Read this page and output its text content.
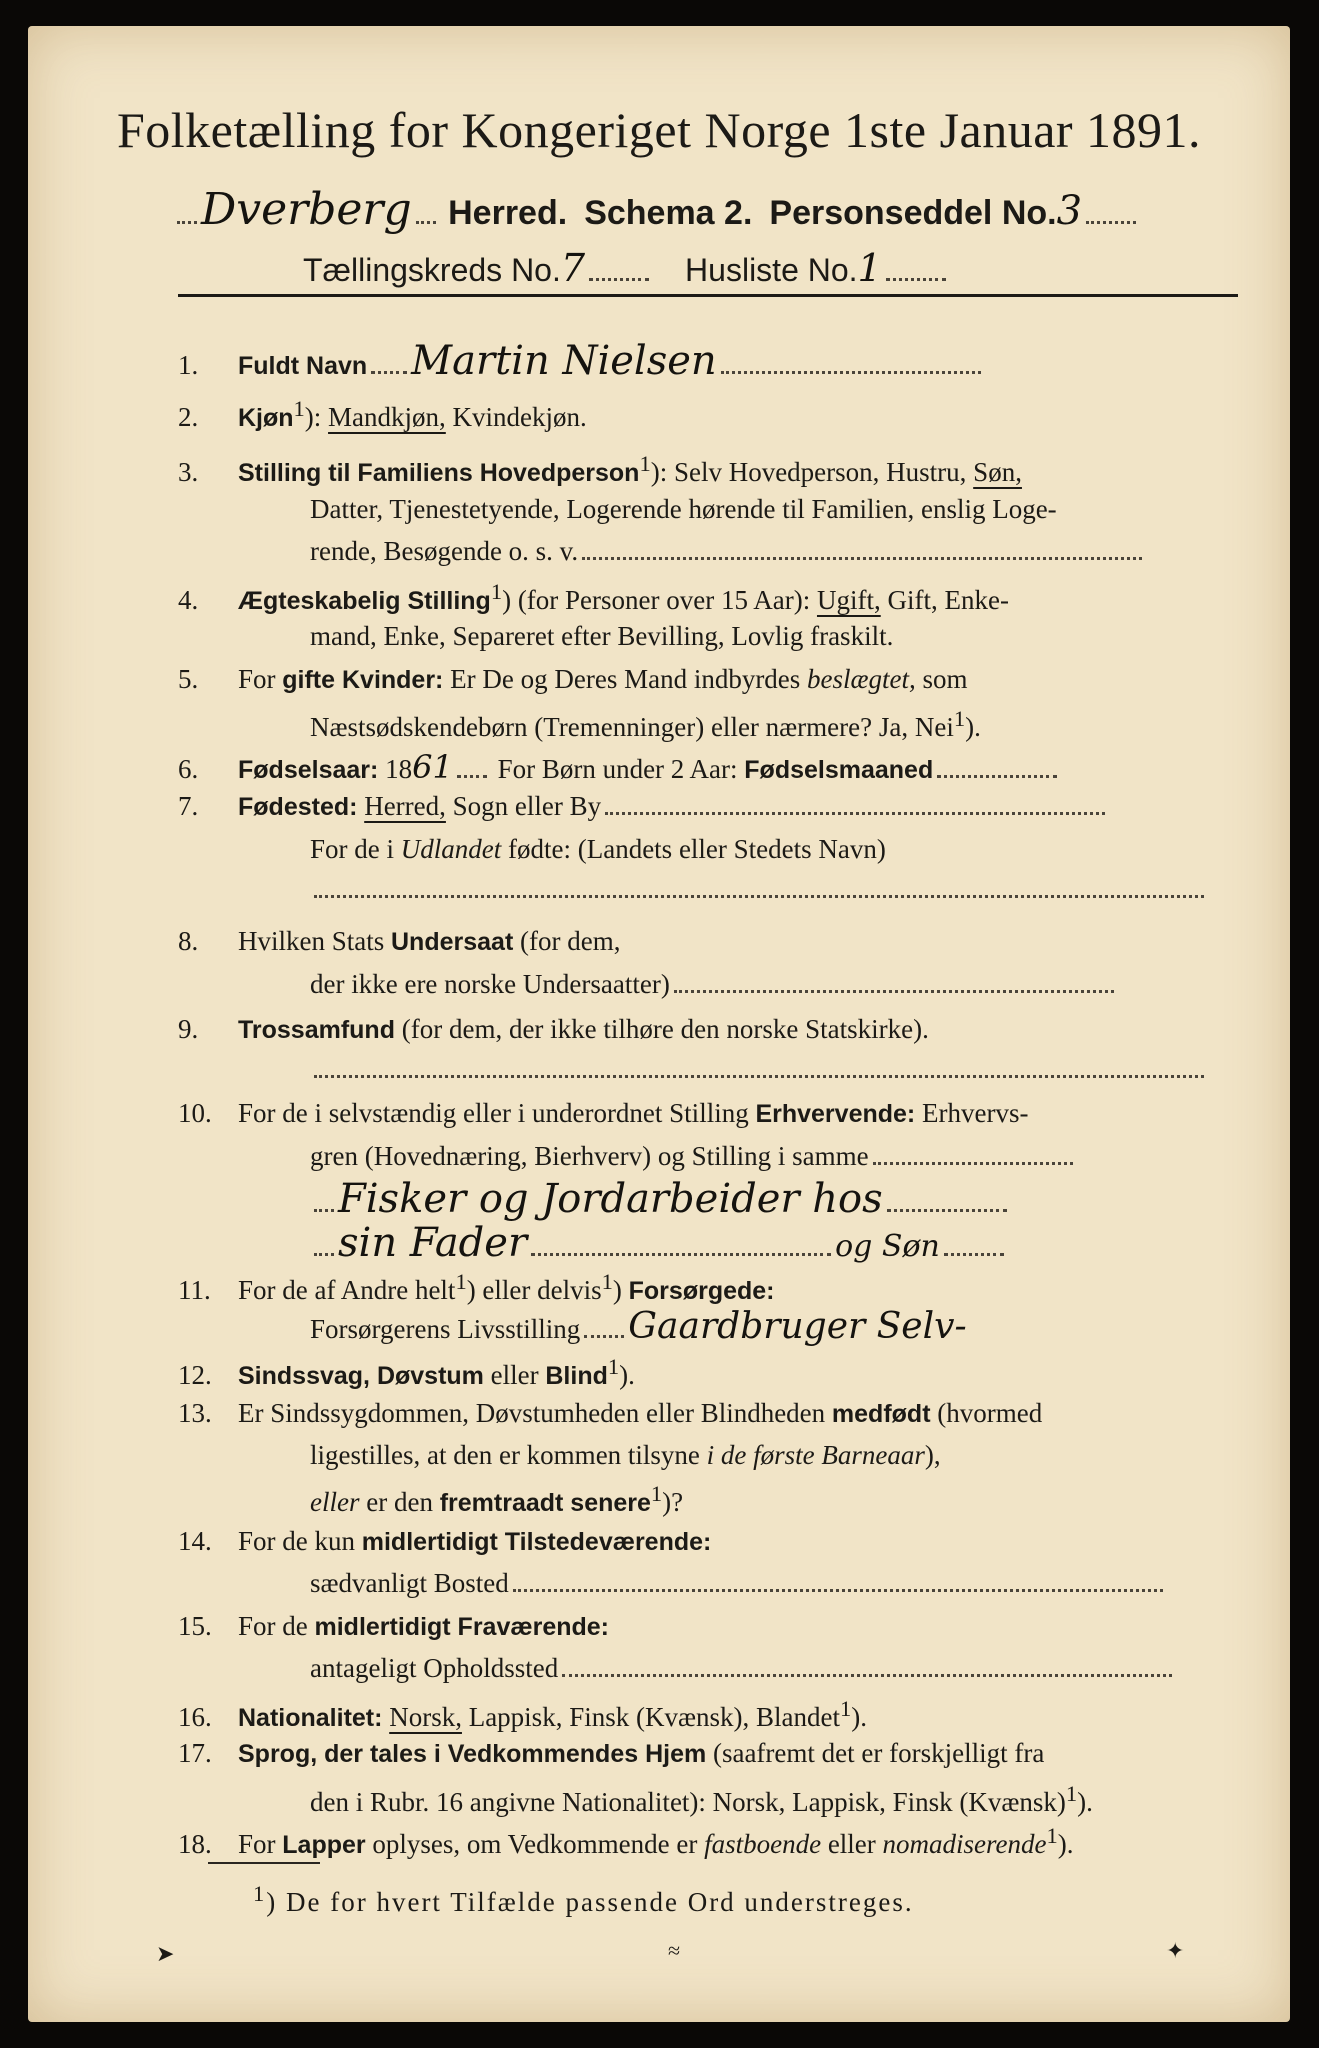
Folketælling for Kongeriget Norge 1ste Januar 1891.
Dverberg Herred. Schema 2. Personseddel No.3
Tællingskreds No.7	Husliste No.1
1. Fuldt Navn Martin Nielsen
2. Kjøn$^1$): Mandkjøn, Kvindekjøn.
3. Stilling til Familiens Hovedperson$^1$): Selv Hovedperson, Hustru, Søn,
Datter, Tjenestetyende, Logerende hørende til Familien, enslig Loge-
rende, Besøgende o. s. v.
4. Ægteskabelig Stilling$^1$) (for Personer over 15 Aar): Ugift, Gift, Enke-
mand, Enke, Separeret efter Bevilling, Lovlig fraskilt.
5. For gifte Kvinder: Er De og Deres Mand indbyrdes beslægtet, som
Næstsødskendebørn (Tremenninger) eller nærmere? Ja, Nei$^1$).
6. Fødselsaar: 1861 For Børn under 2 Aar: Fødselsmaaned
7. Fødested: Herred, Sogn eller By
For de i Udlandet fødte: (Landets eller Stedets Navn)
8. Hvilken Stats Undersaat (for dem,
der ikke ere norske Undersaatter)
9. Trossamfund (for dem, der ikke tilhøre den norske Statskirke).
10. For de i selvstændig eller i underordnet Stilling Erhvervende: Erhvervs-
gren (Hovednæring, Bierhverv) og Stilling i samme
Fisker og Jordarbeider hos
sin Fader	og Søn
11. For de af Andre helt$^1$) eller delvis$^1$) Forsørgede:
Forsørgerens Livsstilling Gaardbruger Selv-
12. Sindssvag, Døvstum eller Blind$^1$).
13. Er Sindssygdommen, Døvstumheden eller Blindheden medfødt (hvormed
ligestilles, at den er kommen tilsyne i de første Barneaar),
eller er den fremtraadt senere$^1$)?
14. For de kun midlertidigt Tilstedeværende:
sædvanligt Bosted
15. For de midlertidigt Fraværende:
antageligt Opholdssted
16. Nationalitet: Norsk, Lappisk, Finsk (Kvænsk), Blandet$^1$).
17. Sprog, der tales i Vedkommendes Hjem (saafremt det er forskjelligt fra
den i Rubr. 16 angivne Nationalitet): Norsk, Lappisk, Finsk (Kvænsk)$^1$).
18. For Lapper oplyses, om Vedkommende er fastboende eller nomadiserende$^1$).
$^1$) De for hvert Tilfælde passende Ord understreges.
➤	≈	✦
